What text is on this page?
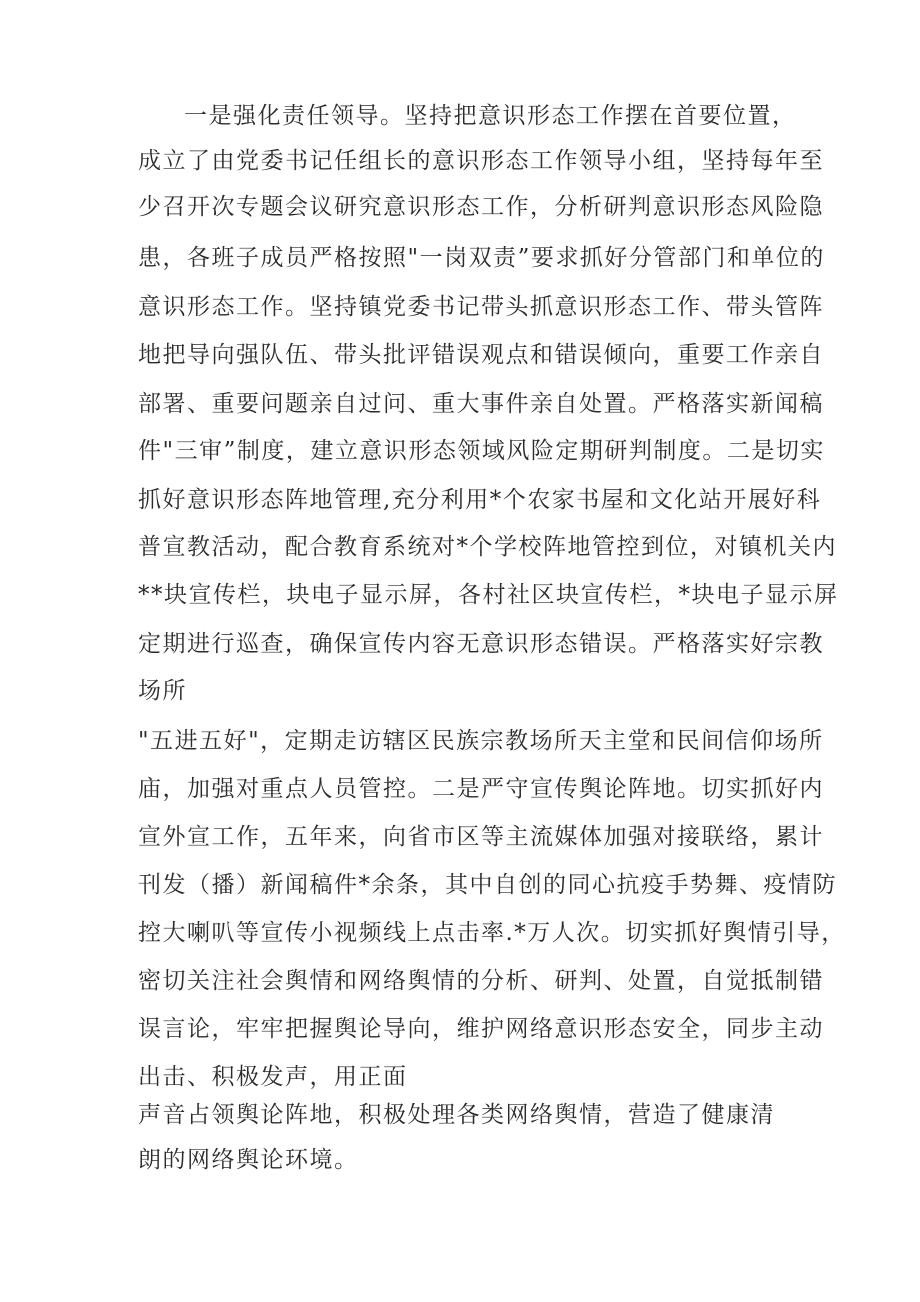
一是强化责任领导。坚持把意识形态工作摆在首要位置，
成立了由党委书记任组长的意识形态工作领导小组，坚持每年至
少召开次专题会议研究意识形态工作，分析研判意识形态风险隐
患，各班子成员严格按照"一岗双责”要求抓好分管部门和单位的
意识形态工作。坚持镇党委书记带头抓意识形态工作、带头管阵
地把导向强队伍、带头批评错误观点和错误倾向，重要工作亲自
部署、重要问题亲自过问、重大事件亲自处置。严格落实新闻稿
件"三审”制度，建立意识形态领域风险定期研判制度。二是切实
抓好意识形态阵地管理,充分利用*个农家书屋和文化站开展好科
普宣教活动，配合教育系统对*个学校阵地管控到位，对镇机关内
**块宣传栏，块电子显示屏，各村社区块宣传栏，*块电子显示屏
定期进行巡查，确保宣传内容无意识形态错误。严格落实好宗教
场所
"五进五好"，定期走访辖区民族宗教场所天主堂和民间信仰场所
庙，加强对重点人员管控。二是严守宣传舆论阵地。切实抓好内
宣外宣工作，五年来，向省市区等主流媒体加强对接联络，累计
刊发（播）新闻稿件*余条，其中自创的同心抗疫手势舞、疫情防
控大喇叭等宣传小视频线上点击率.*万人次。切实抓好舆情引导，
密切关注社会舆情和网络舆情的分析、研判、处置，自觉抵制错
误言论，牢牢把握舆论导向，维护网络意识形态安全，同步主动
出击、积极发声，用正面
声音占领舆论阵地，积极处理各类网络舆情，营造了健康清
朗的网络舆论环境。
